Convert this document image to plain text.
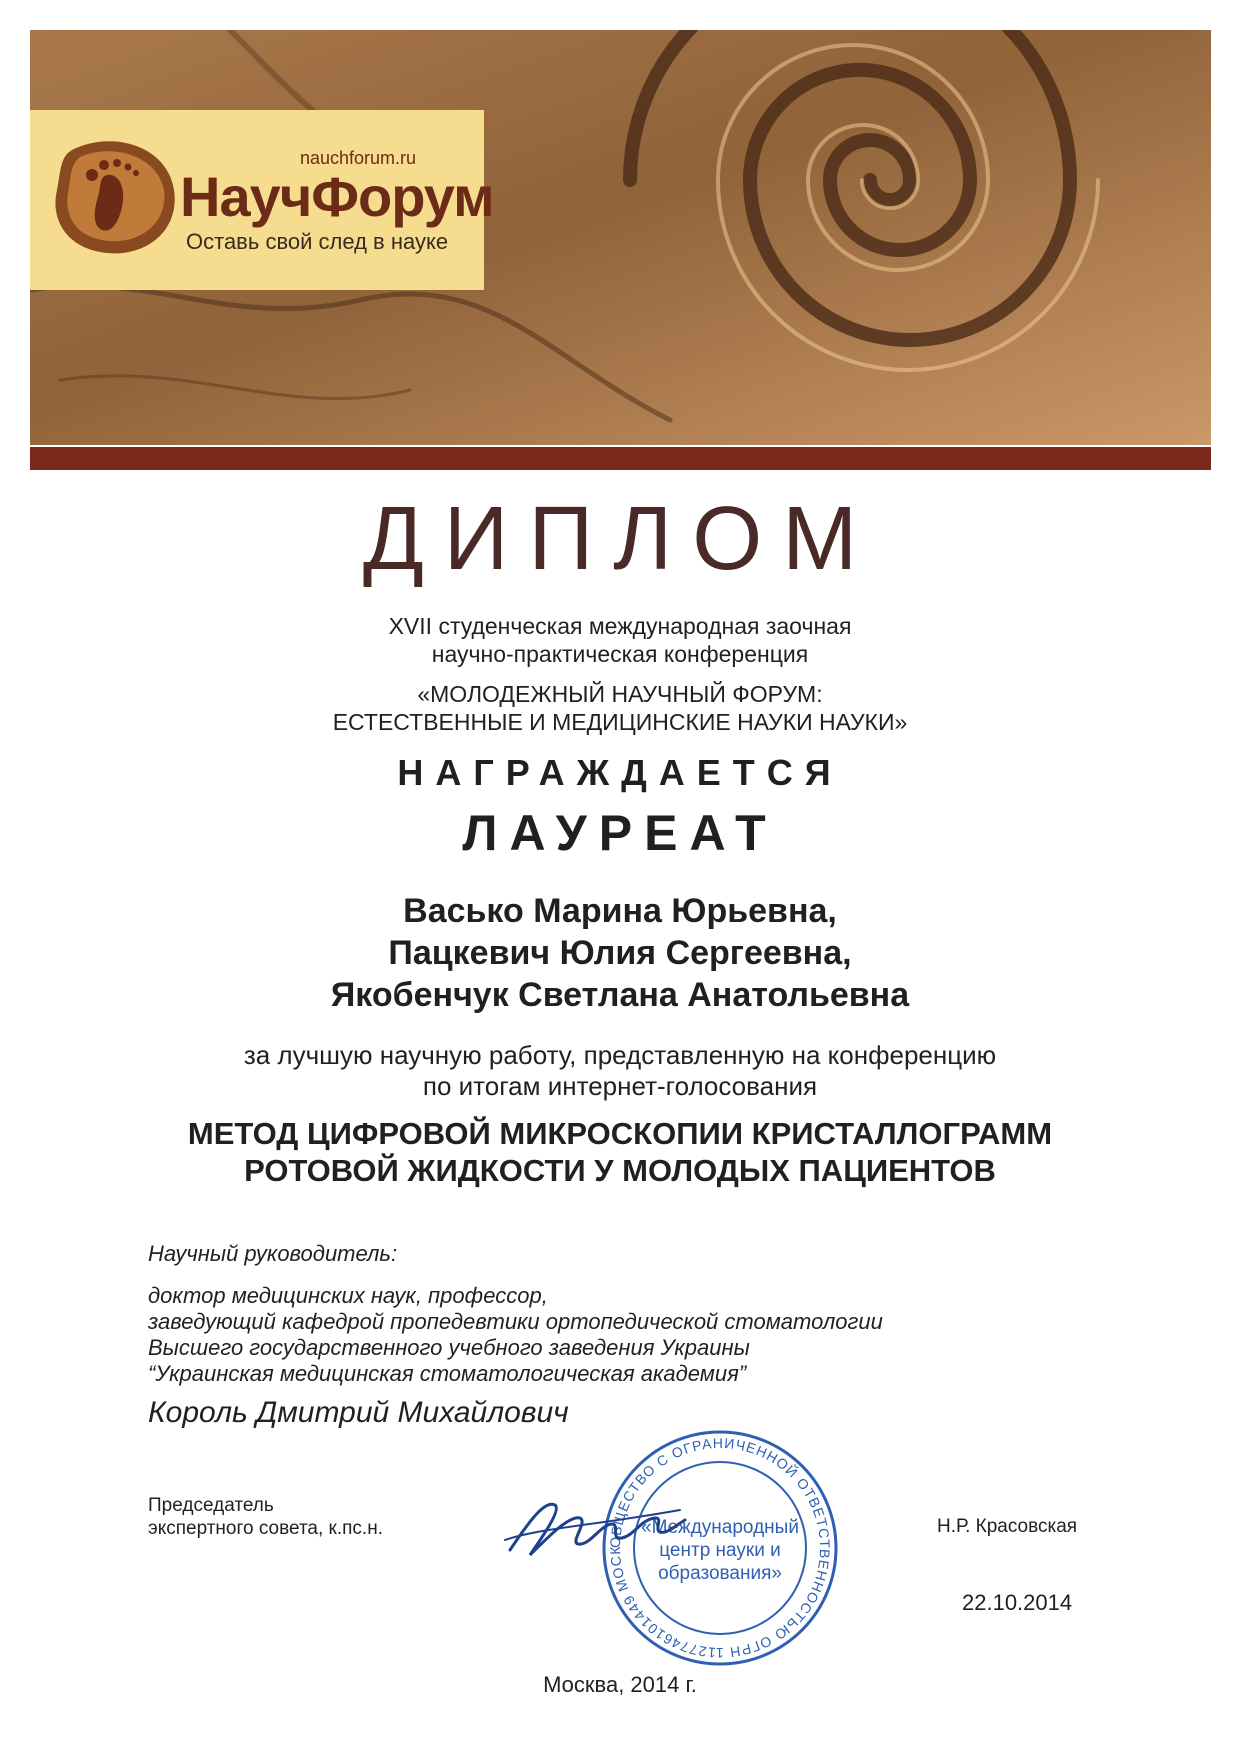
nauchforum.ru
НаучФорум
Оставь свой след в науке
ДИПЛОМ
XVII студенческая международная заочная
научно-практическая конференция
«МОЛОДЕЖНЫЙ НАУЧНЫЙ ФОРУМ:
ЕСТЕСТВЕННЫЕ И МЕДИЦИНСКИЕ НАУКИ НАУКИ»
НАГРАЖДАЕТСЯ
ЛАУРЕАТ
Васько Марина Юрьевна,
Пацкевич Юлия Сергеевна,
Якобенчук Светлана Анатольевна
за лучшую научную работу, представленную на конференцию
по итогам интернет-голосования
МЕТОД ЦИФРОВОЙ МИКРОСКОПИИ КРИСТАЛЛОГРАММ
РОТОВОЙ ЖИДКОСТИ У МОЛОДЫХ ПАЦИЕНТОВ
Научный руководитель:
доктор медицинских наук, профессор,
заведующий кафедрой пропедевтики ортопедической стоматологии
Высшего государственного учебного заведения Украины
“Украинская медицинская стоматологическая академия”
Король Дмитрий Михайлович
ОБЩЕСТВО С ОГРАНИЧЕННОЙ ОТВЕТСТВЕННОСТЬЮ ОГРН 1127746101449 МОСК
«Международный
центр науки и
образования»
Председатель
экспертного совета, к.пс.н.	Н.Р. Красовская
22.10.2014
Москва, 2014 г.
